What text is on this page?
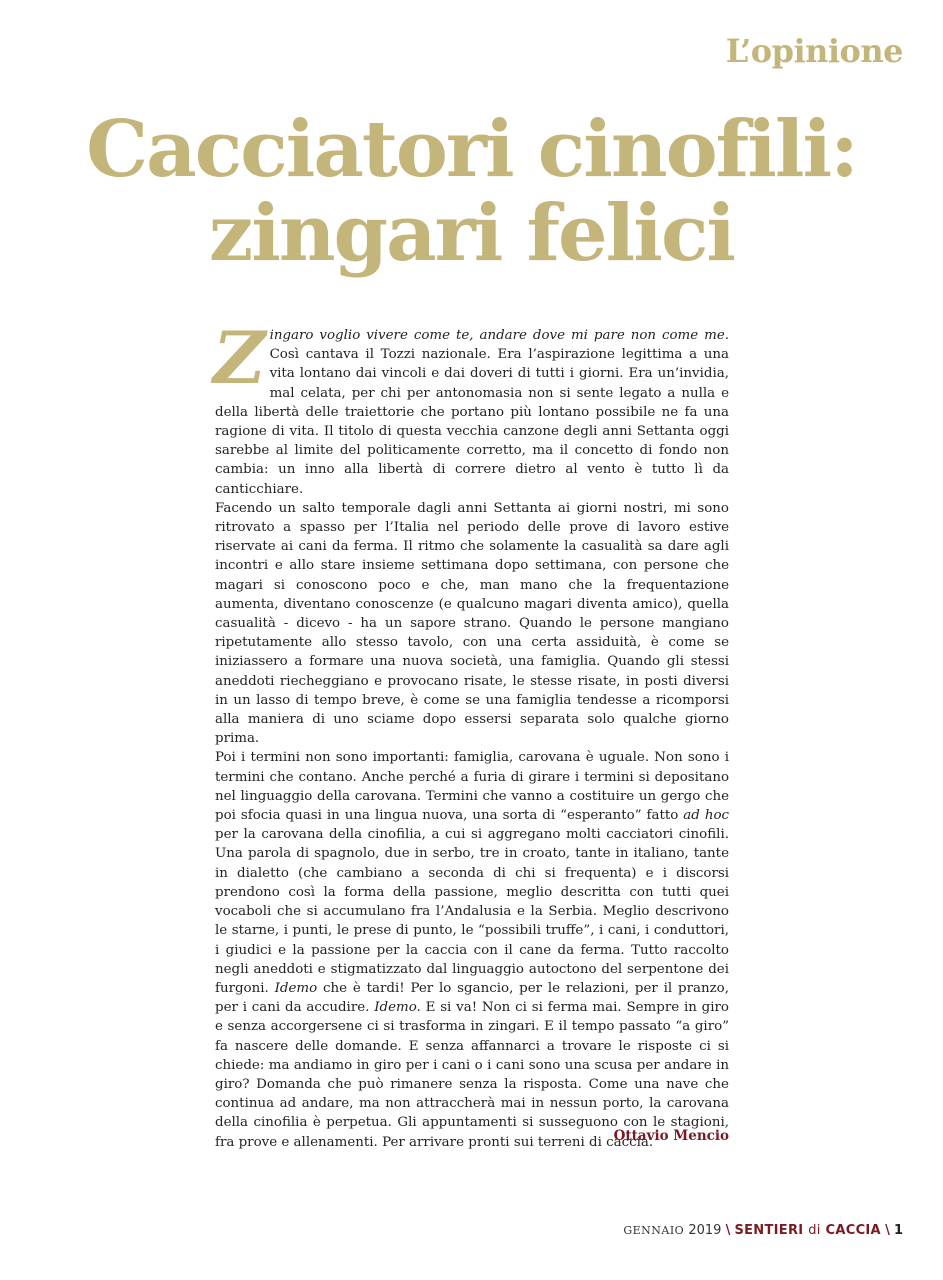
L’opinione
Cacciatori cinofili:
zingari felici

Zingaro voglio vivere come te, andare dove mi pare non come me. Così cantava il Tozzi nazionale. Era l’aspirazione legittima a una vita lontano dai vincoli e dai doveri di tutti i giorni. Era un’invidia, mal celata, per chi per antonomasia non si sente legato a nulla e della libertà delle traiettorie che portano più lontano possibile ne fa una ragione di vita. Il titolo di questa vecchia canzone degli anni Settanta oggi sarebbe al limite del politicamente corretto, ma il concetto di fondo non cambia: un inno alla libertà di correre dietro al vento è tutto lì da canticchiare.

Facendo un salto temporale dagli anni Settanta ai giorni nostri, mi sono ritrovato a spasso per l’Italia nel periodo delle prove di lavoro estive riservate ai cani da ferma. Il ritmo che solamente la casualità sa dare agli incontri e allo stare insieme settimana dopo settimana, con persone che magari si conoscono poco e che, man mano che la frequentazione aumenta, diventano conoscenze (e qualcuno magari diventa amico), quella casualità - dicevo - ha un sapore strano. Quando le persone mangiano ripetutamente allo stesso tavolo, con una certa assiduità, è come se iniziassero a formare una nuova società, una famiglia. Quando gli stessi aneddoti riecheggiano e provocano risate, le stesse risate, in posti diversi in un lasso di tempo breve, è come se una famiglia tendesse a ricomporsi alla maniera di uno sciame dopo essersi separata solo qualche giorno prima.

Poi i termini non sono importanti: famiglia, carovana è uguale. Non sono i termini che contano. Anche perché a furia di girare i termini si depositano nel linguaggio della carovana. Termini che vanno a costituire un gergo che poi sfocia quasi in una lingua nuova, una sorta di “esperanto” fatto ad hoc per la carovana della cinofilia, a cui si aggregano molti cacciatori cinofili. Una parola di spagnolo, due in serbo, tre in croato, tante in italiano, tante in dialetto (che cambiano a seconda di chi si frequenta) e i discorsi prendono così la forma della passione, meglio descritta con tutti quei vocaboli che si accumulano fra l’Andalusia e la Serbia. Meglio descrivono le starne, i punti, le prese di punto, le “possibili truffe”, i cani, i conduttori, i giudici e la passione per la caccia con il cane da ferma. Tutto raccolto negli aneddoti e stigmatizzato dal linguaggio autoctono del serpentone dei furgoni. Idemo che è tardi! Per lo sgancio, per le relazioni, per il pranzo, per i cani da accudire. Idemo. E si va! Non ci si ferma mai. Sempre in giro e senza accorgersene ci si trasforma in zingari. E il tempo passato “a giro” fa nascere delle domande. E senza affannarci a trovare le risposte ci si chiede: ma andiamo in giro per i cani o i cani sono una scusa per andare in giro? Domanda che può rimanere senza la risposta. Come una nave che continua ad andare, ma non attraccherà mai in nessun porto, la carovana della cinofilia è perpetua. Gli appuntamenti si susseguono con le stagioni, fra prove e allenamenti. Per arrivare pronti sui terreni di caccia.

Ottavio Mencio
GENNAIO 2019 \ SENTIERI di CACCIA \ 1
